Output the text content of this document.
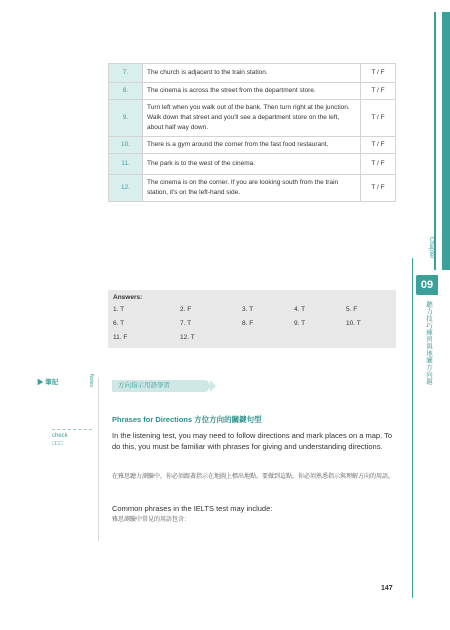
Chapter
09
聽力技巧練習與地圖方向題
7.	The church is adjacent to the train station.	T / F
8.	The cinema is across the street from the department store.	T / F
9.	Turn left when you walk out of the bank. Then turn right at the junction. Walk down that street and you'll see a department store on the left, about half way down.	T / F
10.	There is a gym around the corner from the fast food restaurant.	T / F
11.	The park is to the west of the cinema.	T / F
12.	The cinema is on the corner. If you are looking south from the train station, it's on the left-hand side.	T / F
Answers:
1. T	2. F	3. T	4. T	5. F
6. T	7. T	8. F	9. T	10. T
11. F	12. T
▶ 筆記	Notes
check
□□□
方向指示用語學習
Phrases for Directions 方位方向的關鍵句型
In the listening test, you may need to follow directions and mark places on a map. To do this, you must be familiar with phrases for giving and understanding directions.
在雅思聽力測驗中，你必須跟著指示在地圖上標出地點。要做到這點，你必須熟悉指示與理解方向的用語。
Common phrases in the IELTS test may include:
雅思測驗中常見的用語包含：
147
